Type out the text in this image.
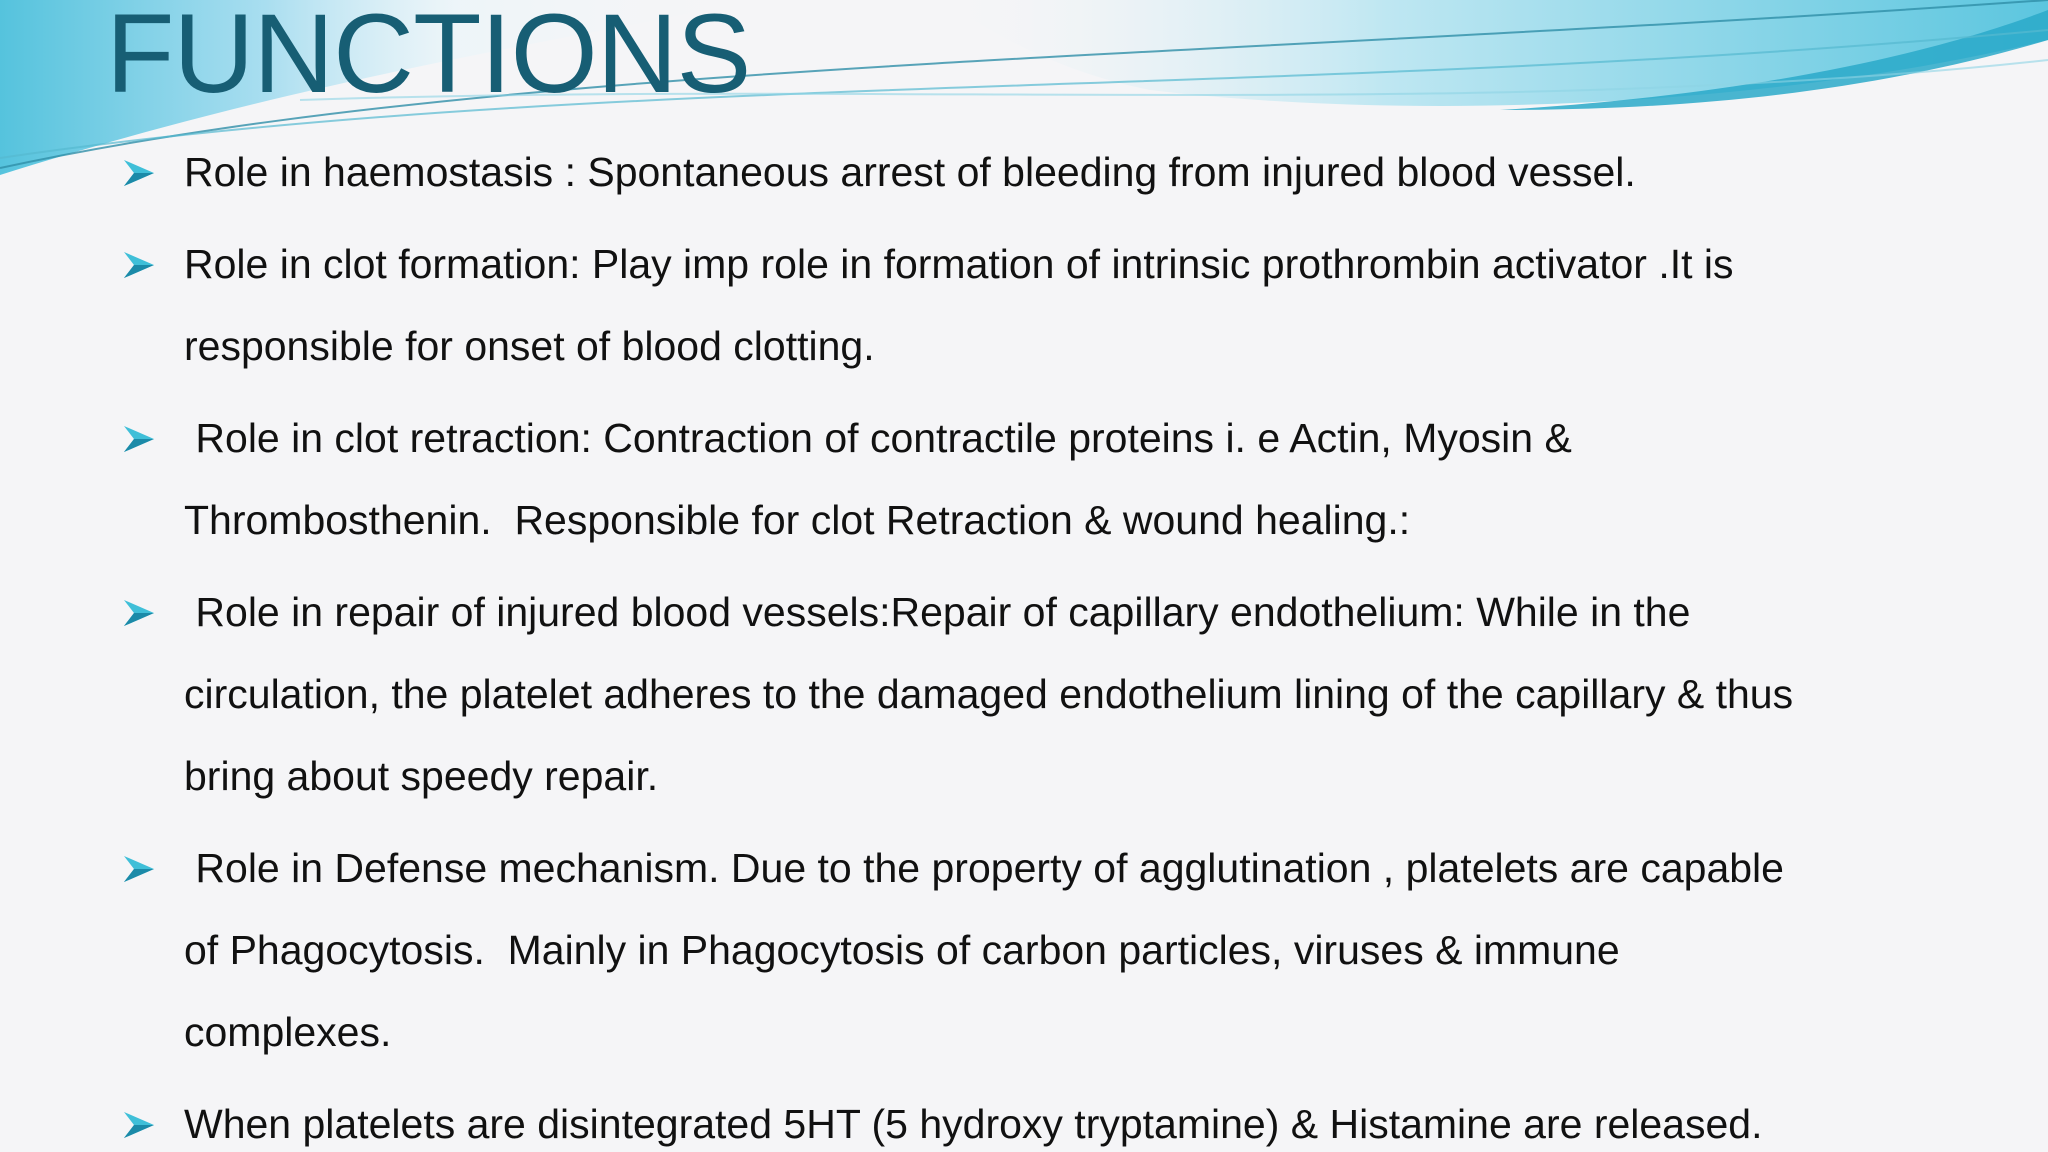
FUNCTIONS
Role in haemostasis : Spontaneous arrest of bleeding from injured blood vessel.
Role in clot formation: Play imp role in formation of intrinsic prothrombin activator .It is
responsible for onset of blood clotting.
Role in clot retraction: Contraction of contractile proteins i. e Actin, Myosin &
Thrombosthenin.  Responsible for clot Retraction & wound healing.:
Role in repair of injured blood vessels:Repair of capillary endothelium: While in the
circulation, the platelet adheres to the damaged endothelium lining of the capillary & thus
bring about speedy repair.
Role in Defense mechanism. Due to the property of agglutination , platelets are capable
of Phagocytosis.  Mainly in Phagocytosis of carbon particles, viruses & immune
complexes.
When platelets are disintegrated 5HT (5 hydroxy tryptamine) & Histamine are released.
